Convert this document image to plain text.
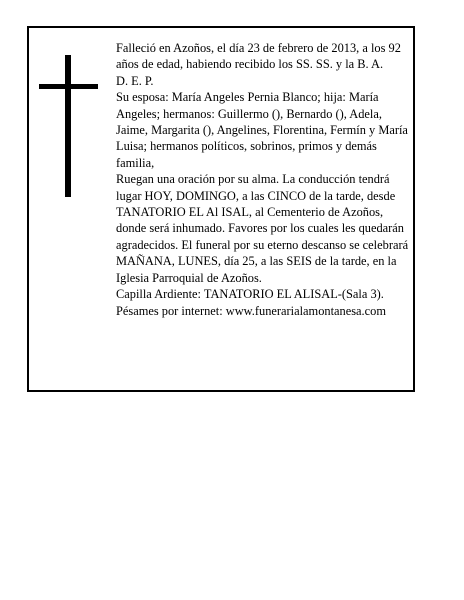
Falleció en Azoños, el día 23 de febrero de 2013, a los 92 años de edad, habiendo recibido los SS. SS. y la B. A.

D. E. P.

Su esposa: María Angeles Pernia Blanco; hija: María Angeles; hermanos: Guillermo (), Bernardo (), Adela, Jaime, Margarita (), Angelines, Florentina, Fermín y María Luisa; hermanos políticos, sobrinos, primos y demás familia,

Ruegan una oración por su alma. La conducción tendrá lugar HOY, DOMINGO, a las CINCO de la tarde, desde TANATORIO EL Al ISAL, al Cementerio de Azoños, donde será inhumado. Favores por los cuales les quedarán agradecidos. El funeral por su eterno descanso se celebrará MAÑANA, LUNES, día 25, a las SEIS de la tarde, en la Iglesia Parroquial de Azoños.

Capilla Ardiente: TANATORIO EL ALISAL-(Sala 3).

Pésames por internet: www.funerarialamontanesa.com
